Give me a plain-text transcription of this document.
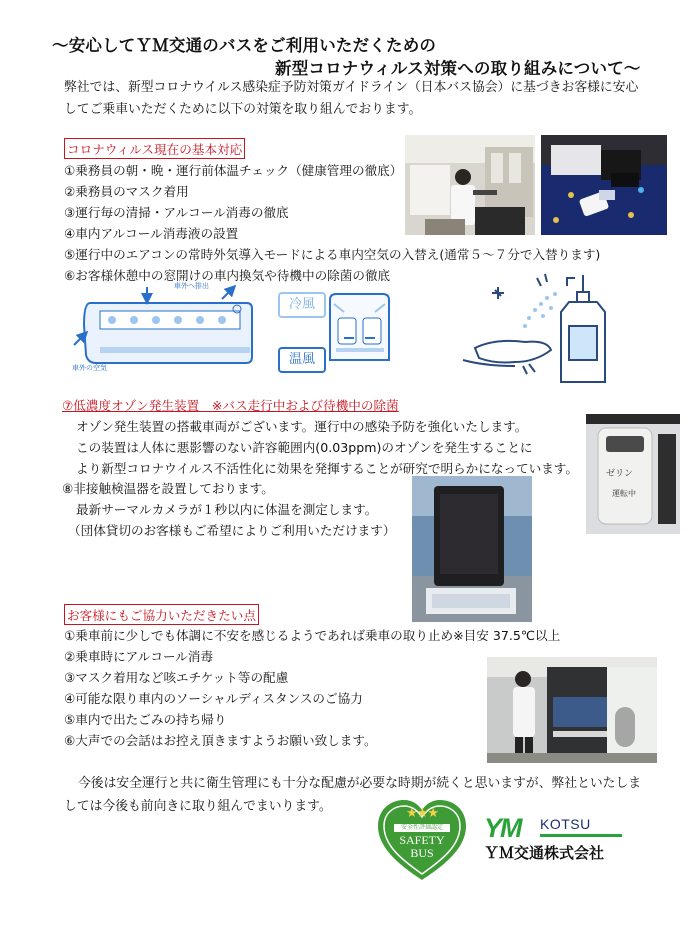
～安心してＹＭ交通のバスをご利用いただくための
新型コロナウィルス対策への取り組みについて～
弊社では、新型コロナウイルス感染症予防対策ガイドライン（日本バス協会）に基づきお客様に安心してご乗車いただくために以下の対策を取り組んでおります。
コロナウィルス現在の基本対応
①乗務員の朝・晩・運行前体温チェック（健康管理の徹底）
②乗務員のマスク着用
③運行毎の清掃・アルコール消毒の徹底
④車内アルコール消毒液の設置
⑤運行中のエアコンの常時外気導入モードによる車内空気の入替え(通常５～７分で入替ります)
⑥お客様休憩中の窓開けの車内換気や待機中の除菌の徹底
車外へ排出
車外の空気
冷風
温風
⑦低濃度オゾン発生装置　※バス走行中および待機中の除菌
オゾン発生装置の搭載車両がございます。運行中の感染予防を強化いたします。
この装置は人体に悪影響のない許容範囲内(0.03ppm)のオゾンを発生することに
より新型コロナウイルス不活性化に効果を発揮することが研究で明らかになっています。	ゼリン
運転中
⑧非接触検温器を設置しております。
最新サーマルカメラが１秒以内に体温を測定します。
（団体貸切のお客様もご希望によりご利用いただけます）
お客様にもご協力いただきたい点
①乗車前に少しでも体調に不安を感じるようであれば乗車の取り止め※目安 37.5℃以上
②乗車時にアルコール消毒
③マスク着用など咳エチケット等の配慮
④可能な限り車内のソーシャルディスタンスのご協力
⑤車内で出たごみの持ち帰り
⑥大声での会話はお控え頂きますようお願い致します。
今後は安全運行と共に衛生管理にも十分な配慮が必要な時期が続くと思いますが、弊社といたしましては今後も前向きに取り組んでまいります。	★★★
安全性評価認定
SAFETY
BUS
YM KOTSU
ＹＭ交通株式会社
